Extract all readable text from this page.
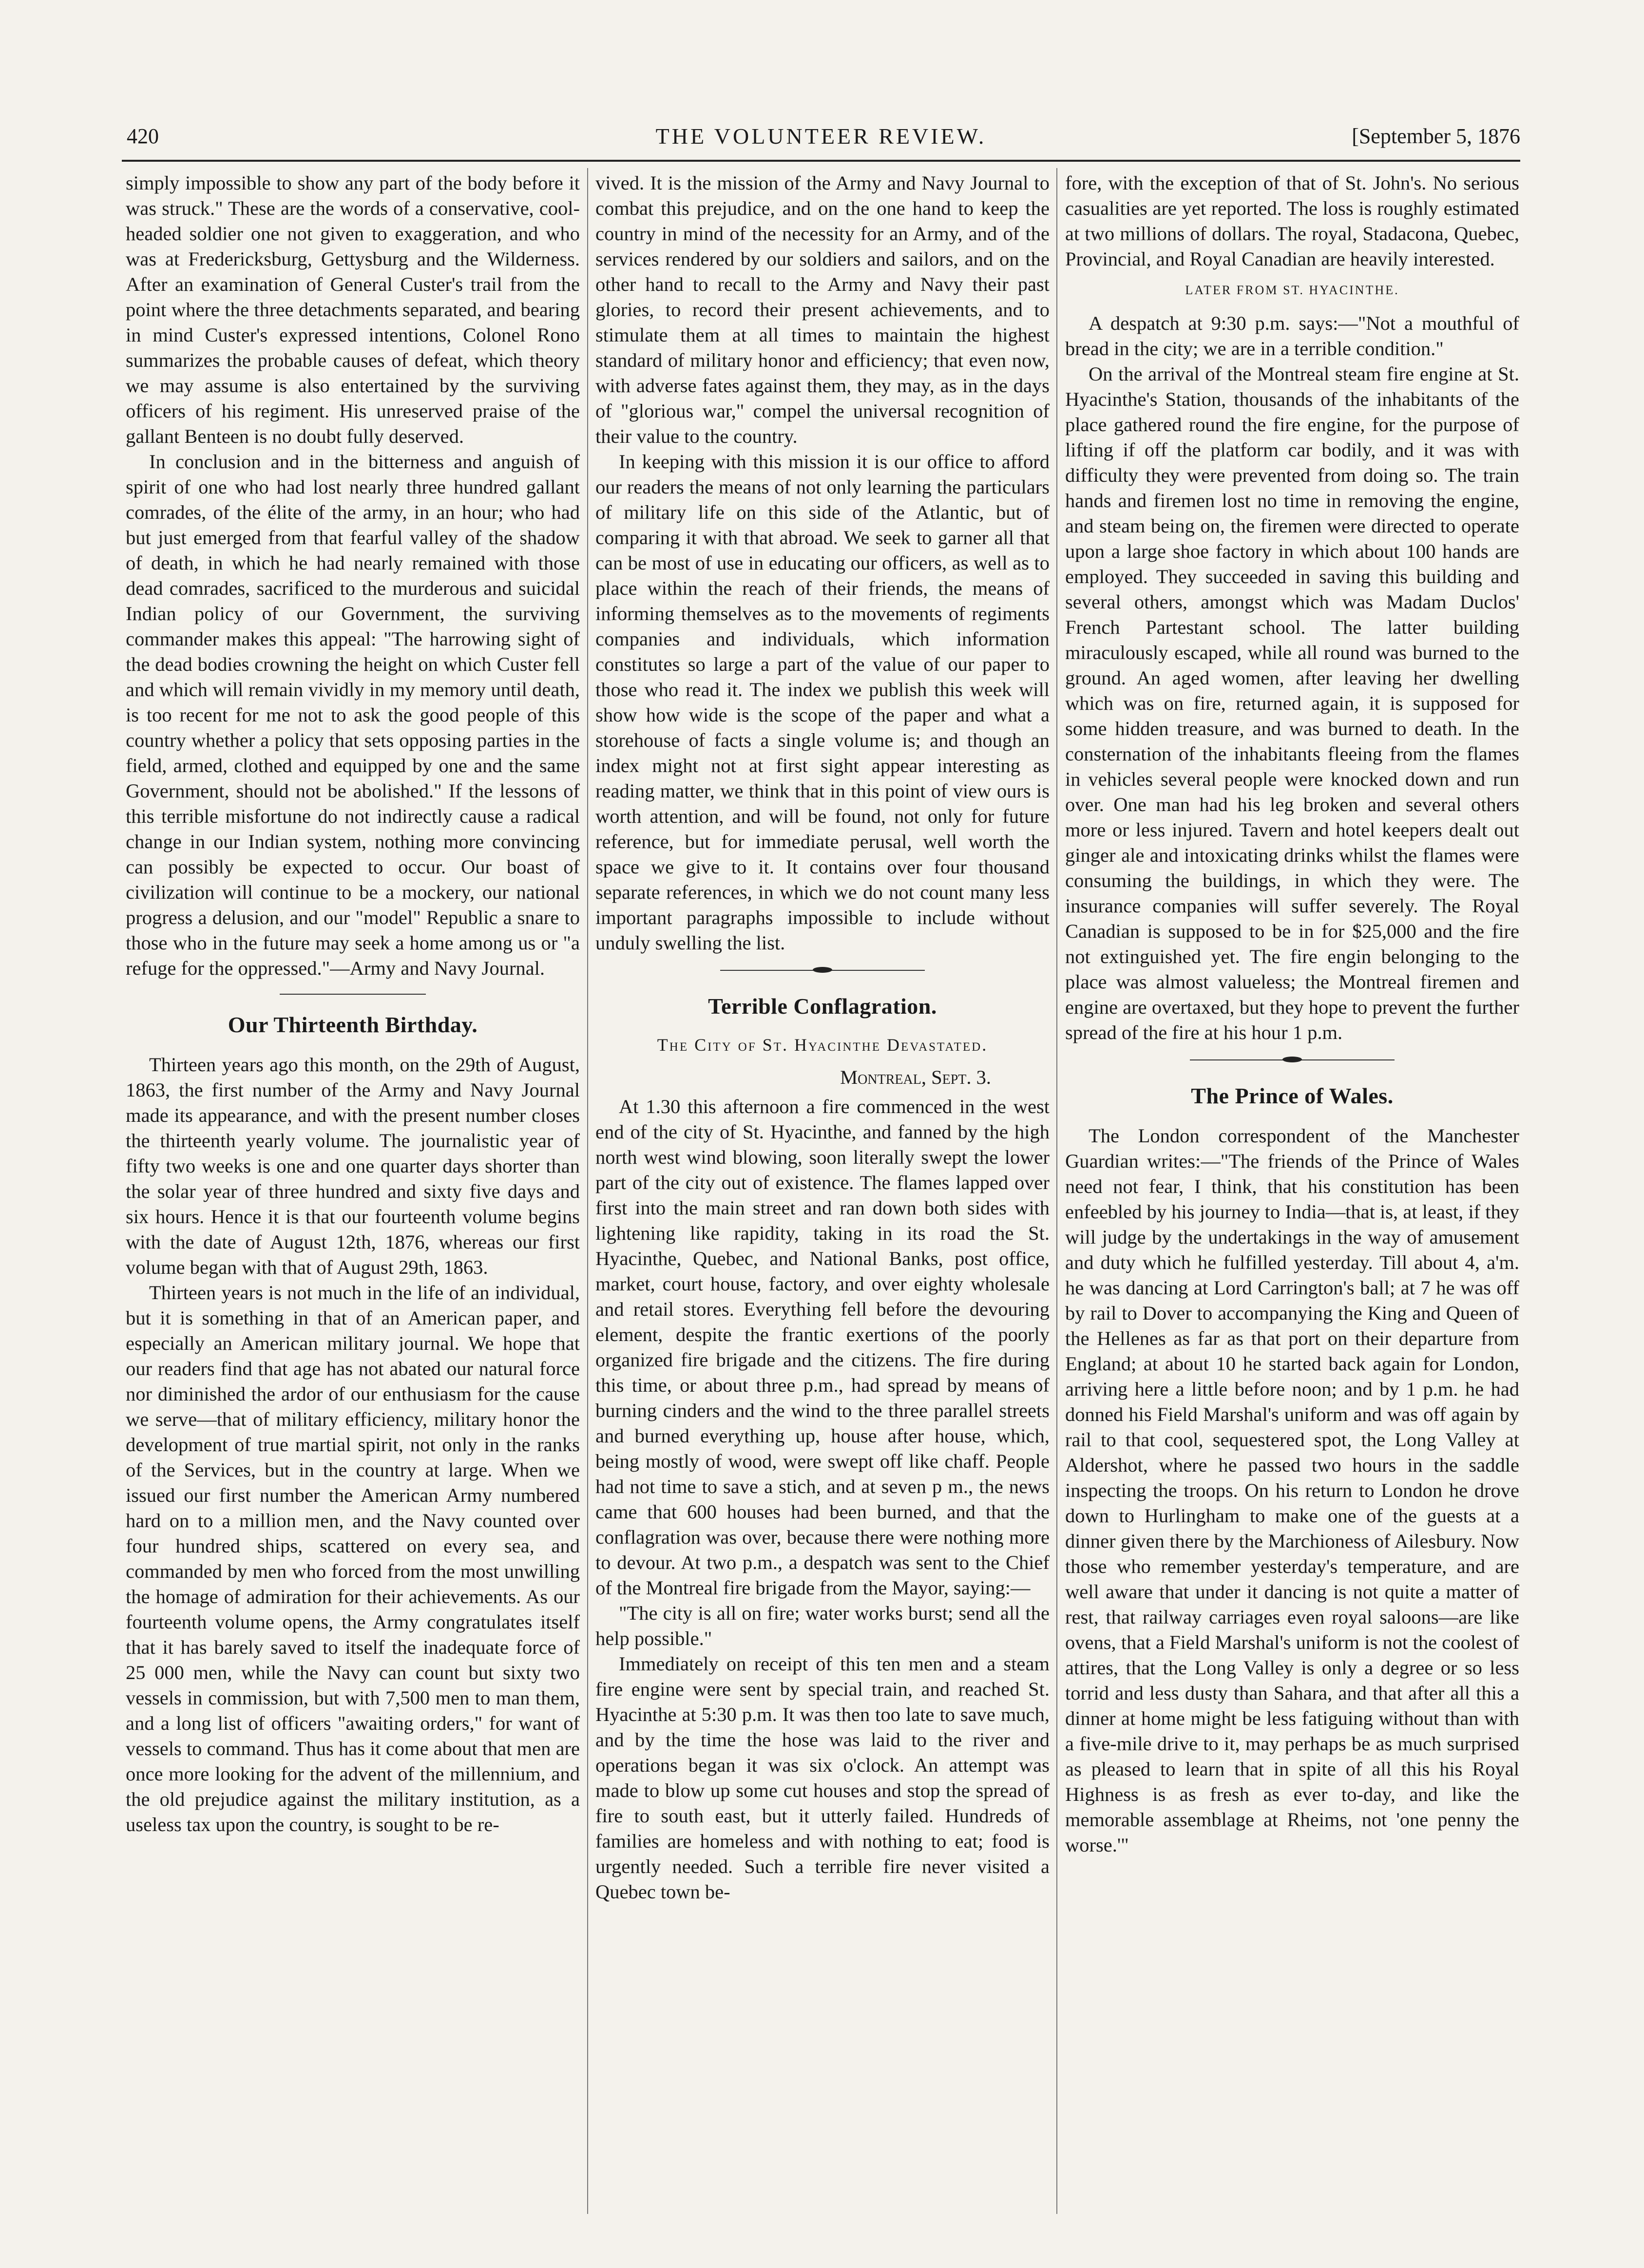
420	THE VOLUNTEER REVIEW.	[September 5, 1876

simply impossible to show any part of the body before it was struck." These are the words of a conservative, cool-headed soldier one not given to exaggeration, and who was at Fredericksburg, Gettysburg and the Wilderness. After an examination of General Custer's trail from the point where the three detachments separated, and bearing in mind Custer's expressed intentions, Colonel Rono summarizes the probable causes of defeat, which theory we may assume is also entertained by the surviving officers of his regiment. His unreserved praise of the gallant Benteen is no doubt fully deserved.

In conclusion and in the bitterness and anguish of spirit of one who had lost nearly three hundred gallant comrades, of the élite of the army, in an hour; who had but just emerged from that fearful valley of the shadow of death, in which he had nearly remained with those dead comrades, sacrificed to the murderous and suicidal Indian policy of our Government, the surviving commander makes this appeal: "The harrowing sight of the dead bodies crowning the height on which Custer fell and which will remain vividly in my memory until death, is too recent for me not to ask the good people of this country whether a policy that sets opposing parties in the field, armed, clothed and equipped by one and the same Government, should not be abolished." If the lessons of this terrible misfortune do not indirectly cause a radical change in our Indian system, nothing more convincing can possibly be expected to occur. Our boast of civilization will continue to be a mockery, our national progress a delusion, and our "model" Republic a snare to those who in the future may seek a home among us or "a refuge for the oppressed."—Army and Navy Journal.

Our Thirteenth Birthday.

Thirteen years ago this month, on the 29th of August, 1863, the first number of the Army and Navy Journal made its appearance, and with the present number closes the thirteenth yearly volume. The journalistic year of fifty two weeks is one and one quarter days shorter than the solar year of three hundred and sixty five days and six hours. Hence it is that our fourteenth volume begins with the date of August 12th, 1876, whereas our first volume began with that of August 29th, 1863.

Thirteen years is not much in the life of an individual, but it is something in that of an American paper, and especially an American military journal. We hope that our readers find that age has not abated our natural force nor diminished the ardor of our enthusiasm for the cause we serve—that of military efficiency, military honor the development of true martial spirit, not only in the ranks of the Services, but in the country at large. When we issued our first number the American Army numbered hard on to a million men, and the Navy counted over four hundred ships, scattered on every sea, and commanded by men who forced from the most unwilling the homage of admiration for their achievements. As our fourteenth volume opens, the Army congratulates itself that it has barely saved to itself the inadequate force of 25 000 men, while the Navy can count but sixty two vessels in commission, but with 7,500 men to man them, and a long list of officers "awaiting orders," for want of vessels to command. Thus has it come about that men are once more looking for the advent of the millennium, and the old prejudice against the military institution, as a useless tax upon the country, is sought to be re-

vived. It is the mission of the Army and Navy Journal to combat this prejudice, and on the one hand to keep the country in mind of the necessity for an Army, and of the services rendered by our soldiers and sailors, and on the other hand to recall to the Army and Navy their past glories, to record their present achievements, and to stimulate them at all times to maintain the highest standard of military honor and efficiency; that even now, with adverse fates against them, they may, as in the days of "glorious war," compel the universal recognition of their value to the country.

In keeping with this mission it is our office to afford our readers the means of not only learning the particulars of military life on this side of the Atlantic, but of comparing it with that abroad. We seek to garner all that can be most of use in educating our officers, as well as to place within the reach of their friends, the means of informing themselves as to the movements of regiments companies and individuals, which information constitutes so large a part of the value of our paper to those who read it. The index we publish this week will show how wide is the scope of the paper and what a storehouse of facts a single volume is; and though an index might not at first sight appear interesting as reading matter, we think that in this point of view ours is worth attention, and will be found, not only for future reference, but for immediate perusal, well worth the space we give to it. It contains over four thousand separate references, in which we do not count many less important paragraphs impossible to include without unduly swelling the list.

Terrible Conflagration.
The City of St. Hyacinthe Devastated.
Montreal, Sept. 3.

At 1.30 this afternoon a fire commenced in the west end of the city of St. Hyacinthe, and fanned by the high north west wind blowing, soon literally swept the lower part of the city out of existence. The flames lapped over first into the main street and ran down both sides with lightening like rapidity, taking in its road the St. Hyacinthe, Quebec, and National Banks, post office, market, court house, factory, and over eighty wholesale and retail stores. Everything fell before the devouring element, despite the frantic exertions of the poorly organized fire brigade and the citizens. The fire during this time, or about three p.m., had spread by means of burning cinders and the wind to the three parallel streets and burned everything up, house after house, which, being mostly of wood, were swept off like chaff. People had not time to save a stich, and at seven p m., the news came that 600 houses had been burned, and that the conflagration was over, because there were nothing more to devour. At two p.m., a despatch was sent to the Chief of the Montreal fire brigade from the Mayor, saying:—

"The city is all on fire; water works burst; send all the help possible."

Immediately on receipt of this ten men and a steam fire engine were sent by special train, and reached St. Hyacinthe at 5:30 p.m. It was then too late to save much, and by the time the hose was laid to the river and operations began it was six o'clock. An attempt was made to blow up some cut houses and stop the spread of fire to south east, but it utterly failed. Hundreds of families are homeless and with nothing to eat; food is urgently needed. Such a terrible fire never visited a Quebec town be-

fore, with the exception of that of St. John's. No serious casualities are yet reported. The loss is roughly estimated at two millions of dollars. The royal, Stadacona, Quebec, Provincial, and Royal Canadian are heavily interested.

LATER FROM ST. HYACINTHE.

A despatch at 9:30 p.m. says:—"Not a mouthful of bread in the city; we are in a terrible condition."

On the arrival of the Montreal steam fire engine at St. Hyacinthe's Station, thousands of the inhabitants of the place gathered round the fire engine, for the purpose of lifting if off the platform car bodily, and it was with difficulty they were prevented from doing so. The train hands and firemen lost no time in removing the engine, and steam being on, the firemen were directed to operate upon a large shoe factory in which about 100 hands are employed. They succeeded in saving this building and several others, amongst which was Madam Duclos' French Partestant school. The latter building miraculously escaped, while all round was burned to the ground. An aged women, after leaving her dwelling which was on fire, returned again, it is supposed for some hidden treasure, and was burned to death. In the consternation of the inhabitants fleeing from the flames in vehicles several people were knocked down and run over. One man had his leg broken and several others more or less injured. Tavern and hotel keepers dealt out ginger ale and intoxicating drinks whilst the flames were consuming the buildings, in which they were. The insurance companies will suffer severely. The Royal Canadian is supposed to be in for $25,000 and the fire not extinguished yet. The fire engin belonging to the place was almost valueless; the Montreal firemen and engine are overtaxed, but they hope to prevent the further spread of the fire at his hour 1 p.m.

The Prince of Wales.

The London correspondent of the Manchester Guardian writes:—"The friends of the Prince of Wales need not fear, I think, that his constitution has been enfeebled by his journey to India—that is, at least, if they will judge by the undertakings in the way of amusement and duty which he fulfilled yesterday. Till about 4, a'm. he was dancing at Lord Carrington's ball; at 7 he was off by rail to Dover to accompanying the King and Queen of the Hellenes as far as that port on their departure from England; at about 10 he started back again for London, arriving here a little before noon; and by 1 p.m. he had donned his Field Marshal's uniform and was off again by rail to that cool, sequestered spot, the Long Valley at Aldershot, where he passed two hours in the saddle inspecting the troops. On his return to London he drove down to Hurlingham to make one of the guests at a dinner given there by the Marchioness of Ailesbury. Now those who remember yesterday's temperature, and are well aware that under it dancing is not quite a matter of rest, that railway carriages even royal saloons—are like ovens, that a Field Marshal's uniform is not the coolest of attires, that the Long Valley is only a degree or so less torrid and less dusty than Sahara, and that after all this a dinner at home might be less fatiguing without than with a five-mile drive to it, may perhaps be as much surprised as pleased to learn that in spite of all this his Royal Highness is as fresh as ever to-day, and like the memorable assemblage at Rheims, not 'one penny the worse.'"
